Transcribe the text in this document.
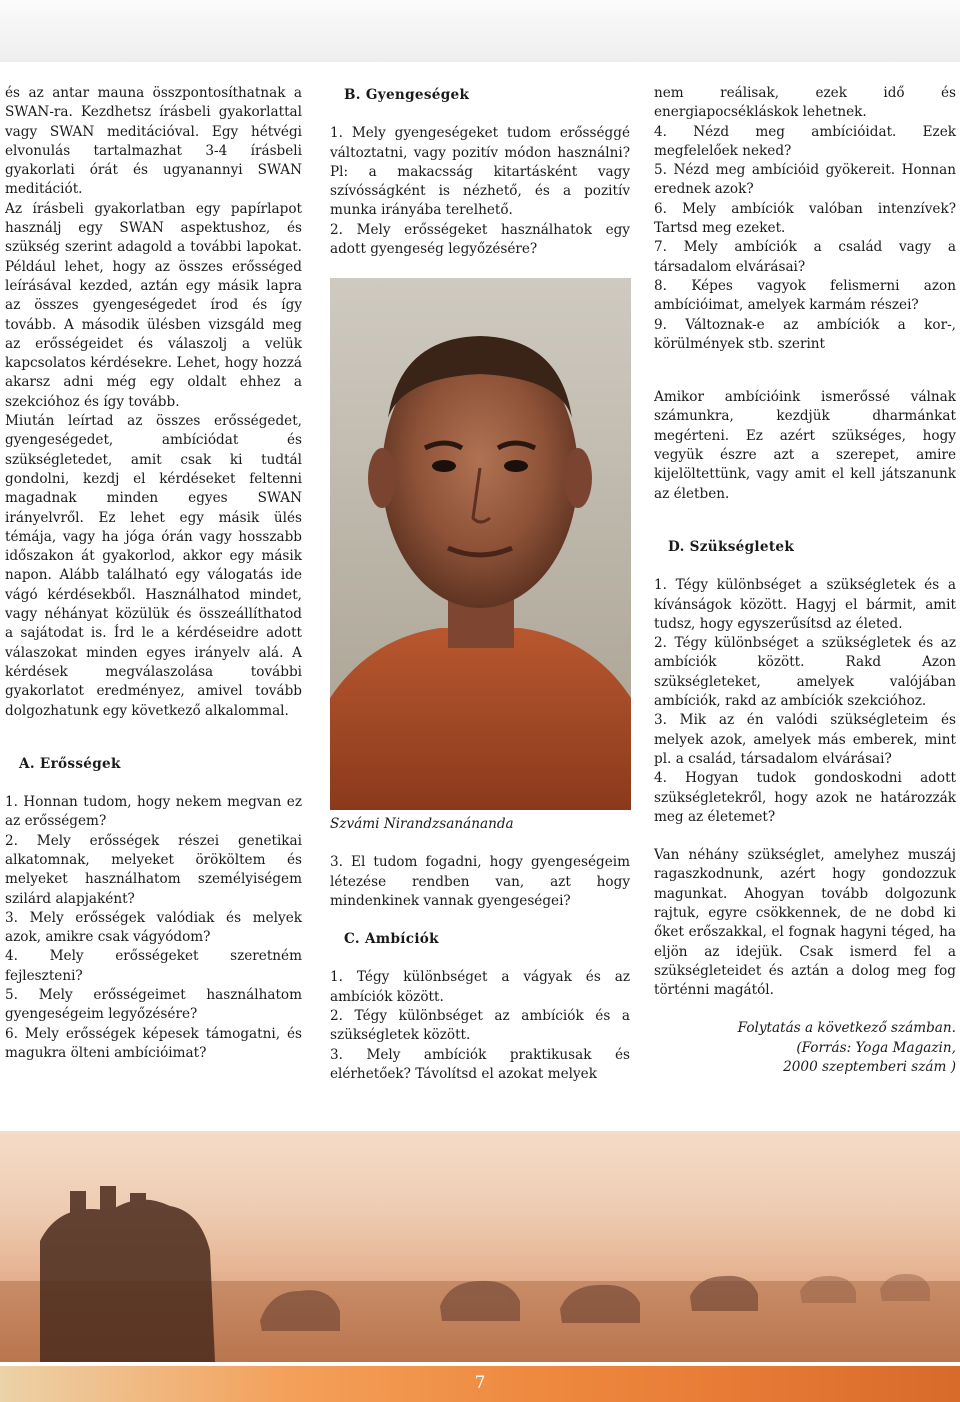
és az antar mauna összpontosíthatnak a SWAN-ra. Kezdhetsz írásbeli gyakorlattal vagy SWAN meditációval. Egy hétvégi elvonulás tartalmazhat 3-4 írásbeli gyakorlati órát és ugyanannyi SWAN meditációt.

Az írásbeli gyakorlatban egy papírlapot használj egy SWAN aspektushoz, és szükség szerint adagold a további lapokat. Például lehet, hogy az összes erősséged leírásával kezded, aztán egy másik lapra az összes gyengeségedet írod és így tovább. A második ülésben vizsgáld meg az erősségeidet és válaszolj a velük kapcsolatos kérdésekre. Lehet, hogy hozzá akarsz adni még egy oldalt ehhez a szekcióhoz és így tovább.

Miután leírtad az összes erősségedet, gyengeségedet, ambíciódat és szükségletedet, amit csak ki tudtál gondolni, kezdj el kérdéseket feltenni magadnak minden egyes SWAN irányelvről. Ez lehet egy másik ülés témája, vagy ha jóga órán vagy hosszabb időszakon át gyakorlod, akkor egy másik napon. Alább található egy válogatás ide vágó kérdésekből. Használhatod mindet, vagy néhányat közülük és összeállíthatod a sajátodat is. Írd le a kérdéseidre adott válaszokat minden egyes irányelv alá. A kérdések megválaszolása további gyakorlatot eredményez, amivel tovább dolgozhatunk egy következő alkalommal.

A. Erősségek

1. Honnan tudom, hogy nekem megvan ez az erősségem?

2. Mely erősségek részei genetikai alkatomnak, melyeket örököltem és melyeket használhatom személyiségem szilárd alapjaként?

3. Mely erősségek valódiak és melyek azok, amikre csak vágyódom?

4. Mely erősségeket szeretném fejleszteni?

5. Mely erősségeimet használhatom gyengeségeim legyőzésére?

6. Mely erősségek képesek támogatni, és magukra ölteni ambícióimat?

B. Gyengeségek

1. Mely gyengeségeket tudom erősséggé változtatni, vagy pozitív módon használni? Pl: a makacsság kitartásként vagy szívósságként is nézhető, és a pozitív munka irányába terelhető.

2. Mely erősségeket használhatok egy adott gyengeség legyőzésére?

Szvámi Nirandzsanánanda

3. El tudom fogadni, hogy gyengeségeim létezése rendben van, azt hogy mindenkinek vannak gyengeségei?

C. Ambíciók

1. Tégy különbséget a vágyak és az ambíciók között.

2. Tégy különbséget az ambíciók és a szükségletek között.

3. Mely ambíciók praktikusak és elérhetőek? Távolítsd el azokat melyek

nem reálisak, ezek idő és energiapocsékláskok lehetnek.

4. Nézd meg ambícióidat. Ezek megfelelőek neked?

5. Nézd meg ambícióid gyökereit. Honnan erednek azok?

6. Mely ambíciók valóban intenzívek? Tartsd meg ezeket.

7. Mely ambíciók a család vagy a társadalom elvárásai?

8. Képes vagyok felismerni azon ambícióimat, amelyek karmám részei?

9. Változnak-e az ambíciók a kor-, körülmények stb. szerint

Amikor ambícióink ismerőssé válnak számunkra, kezdjük dharmánkat megérteni. Ez azért szükséges, hogy vegyük észre azt a szerepet, amire kijelöltettünk, vagy amit el kell játszanunk az életben.

D. Szükségletek

1. Tégy különbséget a szükségletek és a kívánságok között. Hagyj el bármit, amit tudsz, hogy egyszerűsítsd az életed.

2. Tégy különbséget a szükségletek és az ambíciók között. Rakd Azon szükségleteket, amelyek valójában ambíciók, rakd az ambíciók szekcióhoz.

3. Mik az én valódi szükségleteim és melyek azok, amelyek más emberek, mint pl. a család, társadalom elvárásai?

4. Hogyan tudok gondoskodni adott szükségletekről, hogy azok ne határozzák meg az életemet?

Van néhány szükséglet, amelyhez muszáj ragaszkodnunk, azért hogy gondozzuk magunkat. Ahogyan tovább dolgozunk rajtuk, egyre csökkennek, de ne dobd ki őket erőszakkal, el fognak hagyni téged, ha eljön az idejük. Csak ismerd fel a szükségleteidet és aztán a dolog meg fog történni magától.

Folytatás a következő számban.

(Forrás: Yoga Magazin,

2000 szeptemberi szám )

7
